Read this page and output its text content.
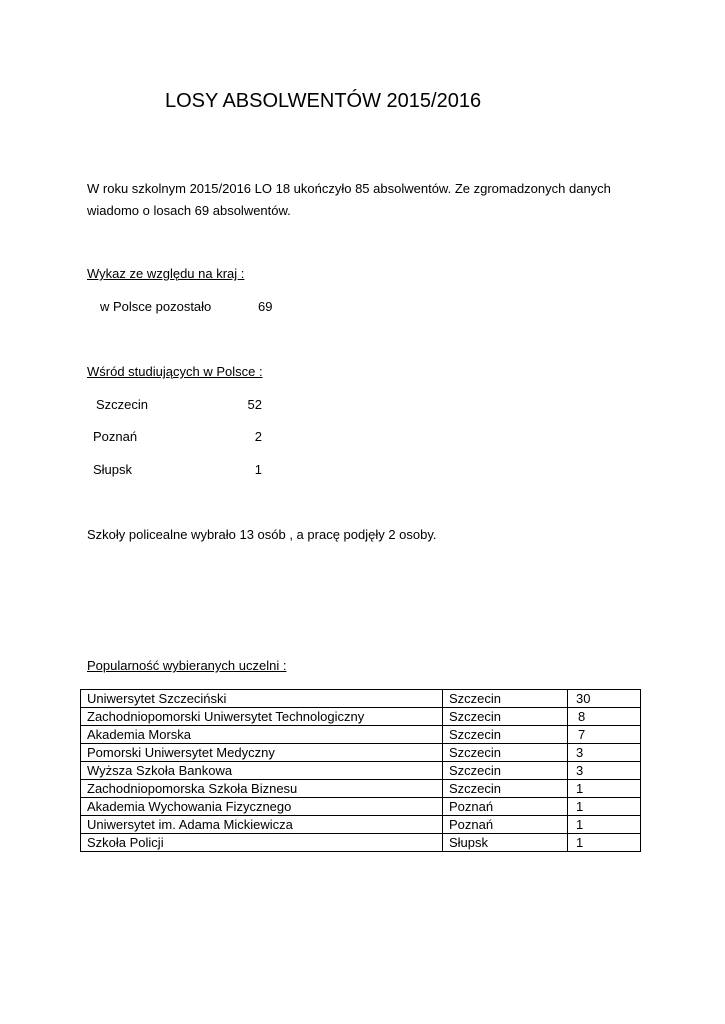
LOSY ABSOLWENTÓW 2015/2016
W roku szkolnym 2015/2016 LO 18 ukończyło 85 absolwentów. Ze zgromadzonych danych wiadomo o losach 69 absolwentów.
Wykaz ze względu na kraj :
w Polsce pozostało	69
Wśród studiujących w Polsce :
Szczecin	52
Poznań	2
Słupsk	1
Szkoły policealne wybrało 13 osób , a pracę podjęły 2 osoby.
Popularność wybieranych uczelni :
Uniwersytet Szczeciński	Szczecin	30
Zachodniopomorski Uniwersytet Technologiczny	Szczecin	8
Akademia Morska	Szczecin	7
Pomorski Uniwersytet Medyczny	Szczecin	3
Wyższa Szkoła Bankowa	Szczecin	3
Zachodniopomorska Szkoła Biznesu	Szczecin	1
Akademia Wychowania Fizycznego	Poznań	1
Uniwersytet im. Adama Mickiewicza	Poznań	1
Szkoła Policji	Słupsk	1
